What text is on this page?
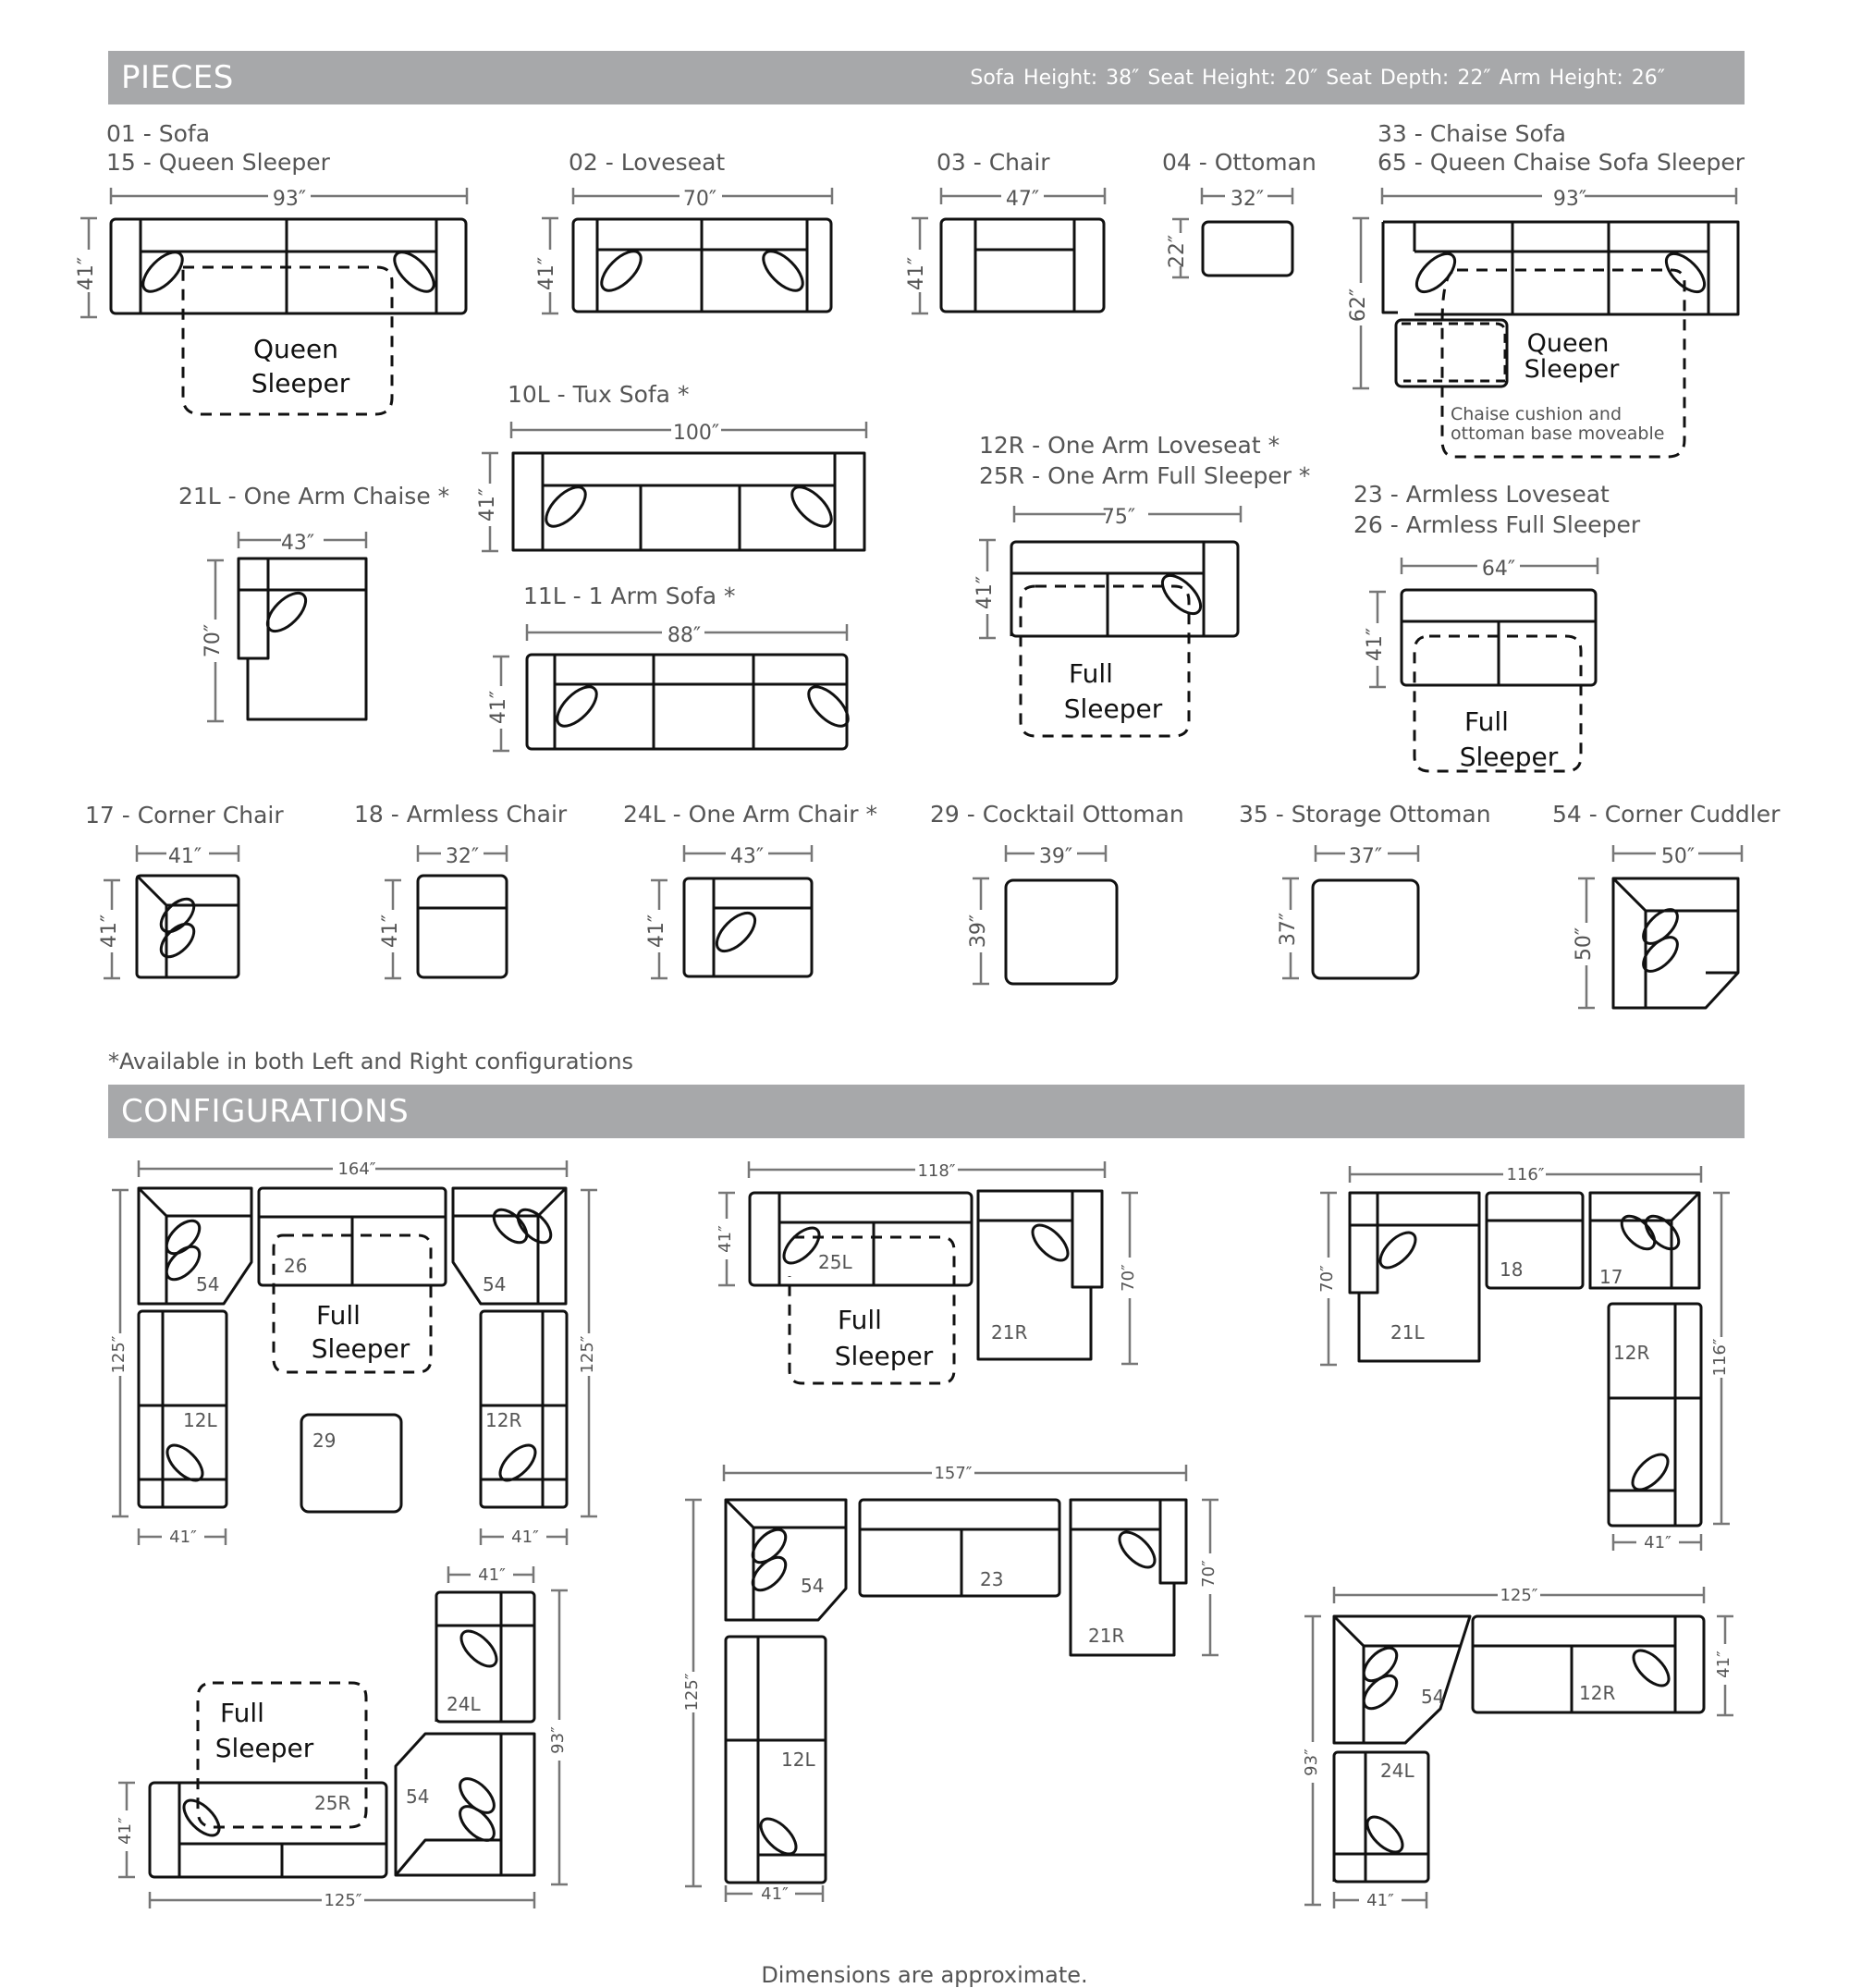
PIECES	Sofa Height: 38″ Seat Height: 20″ Seat Depth: 22″ Arm Height: 26″
CONFIGURATIONS
01 - Sofa
15 - Queen Sleeper	02 - Loveseat	03 - Chair	04 - Ottoman
33 - Chaise Sofa
65 - Queen Chaise Sofa Sleeper
10L - Tux Sofa *
12R - One Arm Loveseat *
25R - One Arm Full Sleeper *
21L - One Arm Chaise *	23 - Armless Loveseat
26 - Armless Full Sleeper
11L - 1 Arm Sofa *
17 - Corner Chair	18 - Armless Chair 24L - One Arm Chair * 29 - Cocktail Ottoman 35 - Storage Ottoman	54 - Corner Cuddler
*Available in both Left and Right configurations
Dimensions are approximate.
Queen
Sleeper
93″
41″
70″
41″
47″
41″
32″
22″
93″
62″
Queen
Sleeper
Chaise cushion and
ottoman base moveable
100″
41″	75″
41″
Full
Sleeper
43″
70″
64″
41″
Full
Sleeper
88″
41″
41″
41″
32″
41″
43″
41″
39″
39″
37″
37″
50″
50″
164″
125″	125″
41″	41″
54
26
54
12L
29
12R
Full
Sleeper
118″
41″
70″
25L
21R
Full
Sleeper
116″
70″
116″
41″
21L
18	17
12R
157″
125″
70″
41″
54	23
21R
12L
41″
93″
41″
125″
24L
54
25R
Full
Sleeper
125″
93″
41″
41″
54	12R
24L
